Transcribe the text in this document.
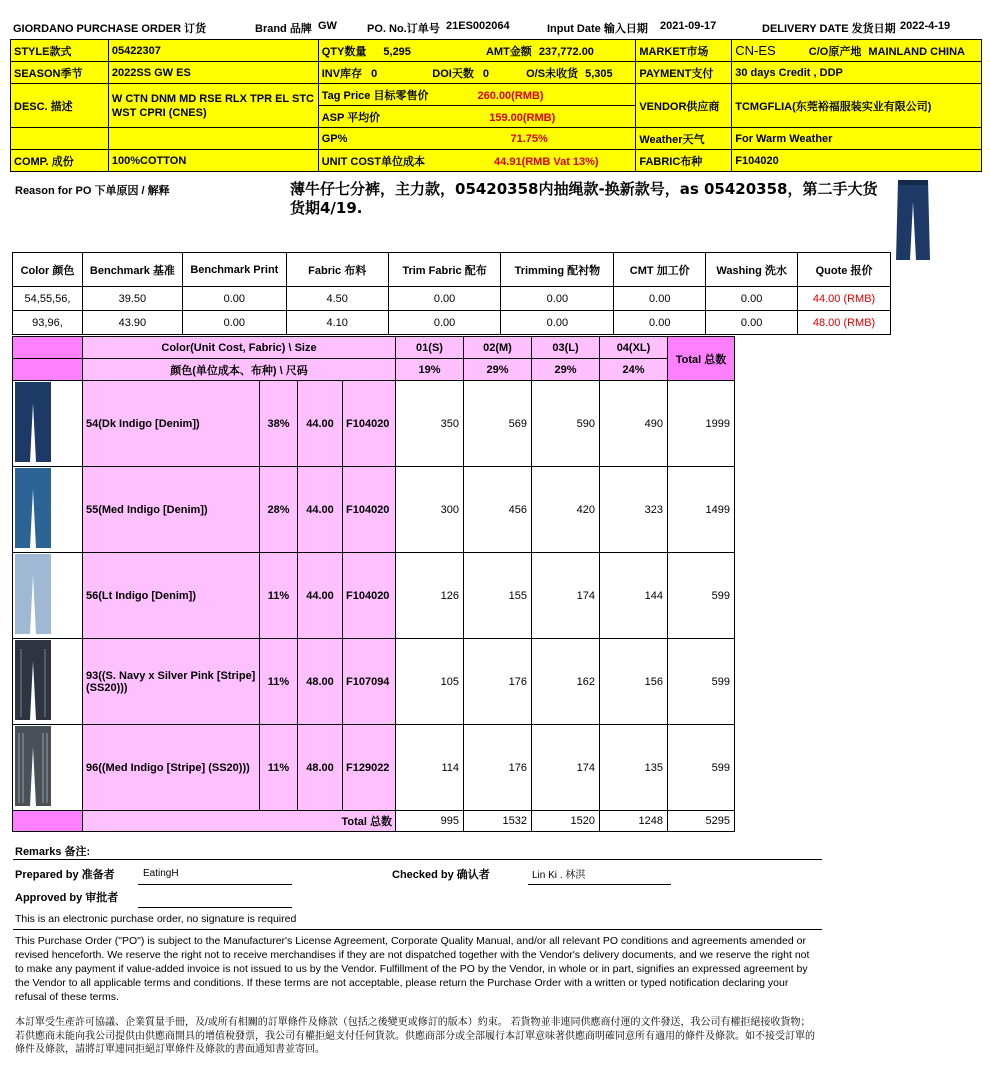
GIORDANO PURCHASE ORDER 订货	Brand 品牌 GW	PO. No.订单号 21ES002064	Input Date 输入日期 2021-09-17	DELIVERY DATE 发货日期 2022-4-19
STYLE款式	05422307	QTY数量 5,295 AMT金额 237,772.00	MARKET市场	CN-ES C/O原产地 MAINLAND CHINA
SEASON季节	2022SS GW ES	INV库存 0 DOI天数 0 O/S未收货 5,305	PAYMENT支付	30 days Credit , DDP
DESC. 描述	W CTN DNM MD RSE RLX TPR EL STC WST CPRI (CNES)	Tag Price 目标零售价 260.00(RMB)	VENDOR供应商	TCMGFLIA(东莞裕福服装实业有限公司)
		ASP 平均价 159.00(RMB)		
		GP% 71.75%	Weather天气	For Warm Weather
COMP. 成份	100%COTTON	UNIT COST单位成本 44.91(RMB Vat 13%)	FABRIC布种	F104020
Reason for PO 下单原因 / 解释	薄牛仔七分裤，主力款，05420358内抽绳款-换新款号，as 05420358，第二手大货货期4/19.
Color 颜色	Benchmark 基准	Benchmark Print	Fabric 布料	Trim Fabric 配布	Trimming 配衬物	CMT 加工价	Washing 洗水	Quote 报价
54,55,56,	39.50	0.00	4.50	0.00	0.00	0.00	0.00	44.00 (RMB)
93,96,	43.90	0.00	4.10	0.00	0.00	0.00	0.00	48.00 (RMB)
	Color(Unit Cost, Fabric) \ Size				01(S)	02(M)	03(L)	04(XL)	Total 总数
	颜色(单位成本、布种) \ 尺码				19%	29%	29%	24%	
	54(Dk Indigo [Denim])	38%	44.00	F104020	350	569	590	490	1999
	55(Med Indigo [Denim])	28%	44.00	F104020	300	456	420	323	1499
	56(Lt Indigo [Denim])	11%	44.00	F104020	126	155	174	144	599
	93((S. Navy x Silver Pink [Stripe] (SS20)))	11%	48.00	F107094	105	176	162	156	599
	96((Med Indigo [Stripe] (SS20)))	11%	48.00	F129022	114	176	174	135	599
	Total 总数				995	1532	1520	1248	5295
Remarks 备注:
Prepared by 准备者	EatingH	Checked by 确认者	Lin Ki . 林淇
Approved by 审批者
This is an electronic purchase order, no signature is required
This Purchase Order ("PO") is subject to the Manufacturer's License Agreement, Corporate Quality Manual, and/or all relevant PO conditions and agreements amended or revised henceforth. We reserve the right not to receive merchandises if they are not dispatched together with the Vendor's delivery documents, and we reserve the right not to make any payment if value-added invoice is not issued to us by the Vendor. Fulfillment of the PO by the Vendor, in whole or in part, signifies an expressed agreement by the Vendor to all applicable terms and conditions. If these terms are not acceptable, please return the Purchase Order with a written or typed notification declaring your refusal of these terms.
本訂單受生產許可協議、企業質量手冊，及/或所有相關的訂單條件及條款（包括之後變更或修訂的版本）約束。 若貨物並非連同供應商付運的文件發送，我公司有權拒絕接收貨物；若供應商未能向我公司提供由供應商開具的增值稅發票，我公司有權拒絕支付任何貨款。供應商部分或全部履行本訂單意味著供應商明確同意所有適用的條件及條款。如不接受訂單的條件及條款，請將訂單連同拒絕訂單條件及條款的書面通知書並寄回。
